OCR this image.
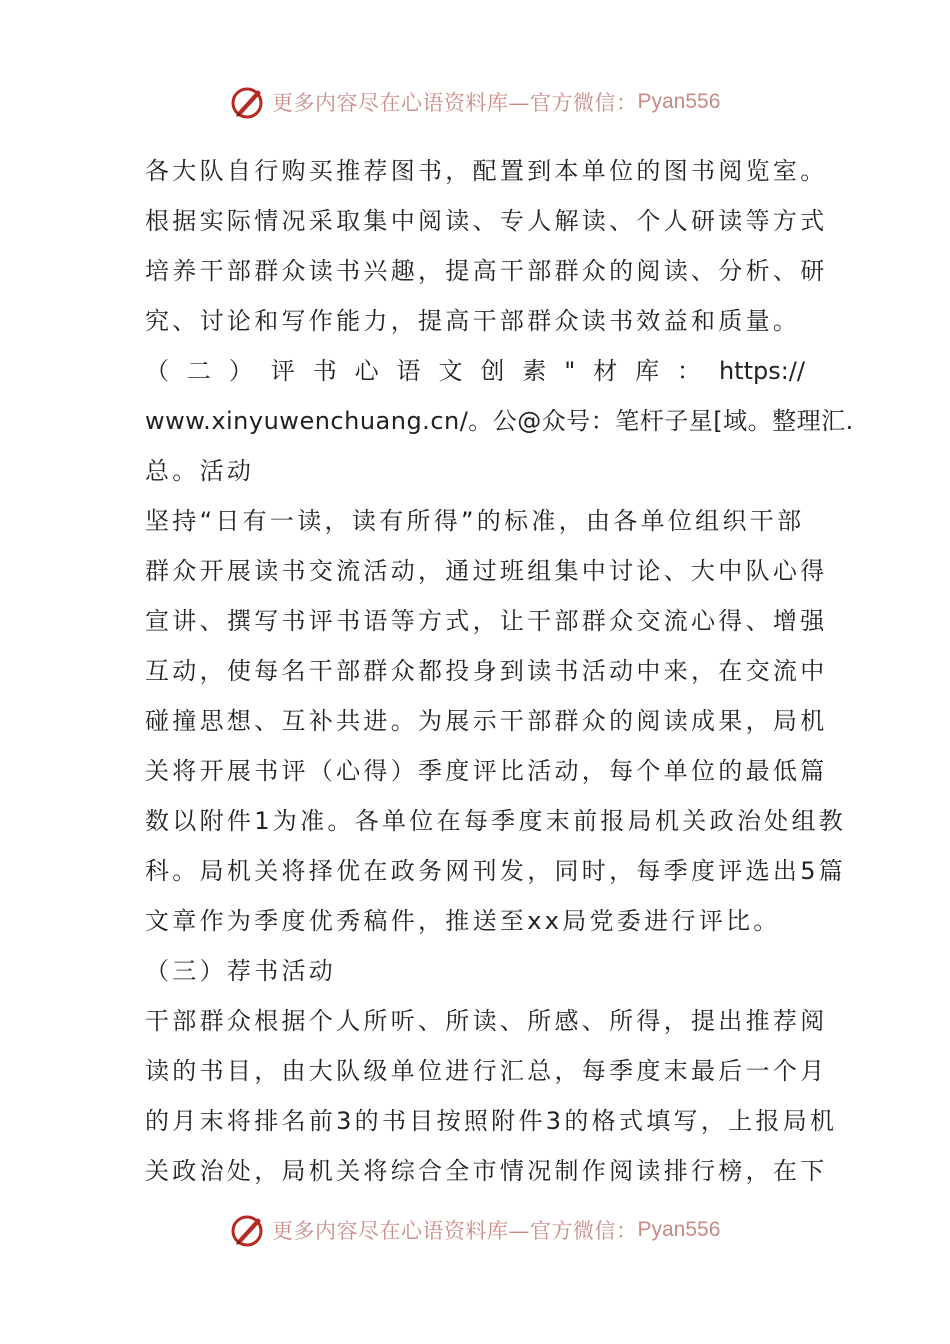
更多内容尽在心语资料库—官方微信： Pyan556
各大队自行购买推荐图书，配置到本单位的图书阅览室。
根据实际情况采取集中阅读、专人解读、个人研读等方式
培养干部群众读书兴趣，提高干部群众的阅读、分析、研
究、讨论和写作能力，提高干部群众读书效益和质量。
（ 二 ） 评 书 心 语 文 创 素 " 材 库 ： https://
www.xinyuwenchuang.cn/。公@众号：笔杆子星[域。整理汇.
总。活动
坚持“日有一读，读有所得”的标准，由各单位组织干部
群众开展读书交流活动，通过班组集中讨论、大中队心得
宣讲、撰写书评书语等方式，让干部群众交流心得、增强
互动，使每名干部群众都投身到读书活动中来，在交流中
碰撞思想、互补共进。为展示干部群众的阅读成果，局机
关将开展书评（心得）季度评比活动，每个单位的最低篇
数以附件1为准。各单位在每季度末前报局机关政治处组教
科。局机关将择优在政务网刊发，同时，每季度评选出5篇
文章作为季度优秀稿件，推送至xx局党委进行评比。
（三）荐书活动
干部群众根据个人所听、所读、所感、所得，提出推荐阅
读的书目，由大队级单位进行汇总，每季度末最后一个月
的月末将排名前3的书目按照附件3的格式填写，上报局机
关政治处，局机关将综合全市情况制作阅读排行榜，在下
更多内容尽在心语资料库—官方微信： Pyan556
